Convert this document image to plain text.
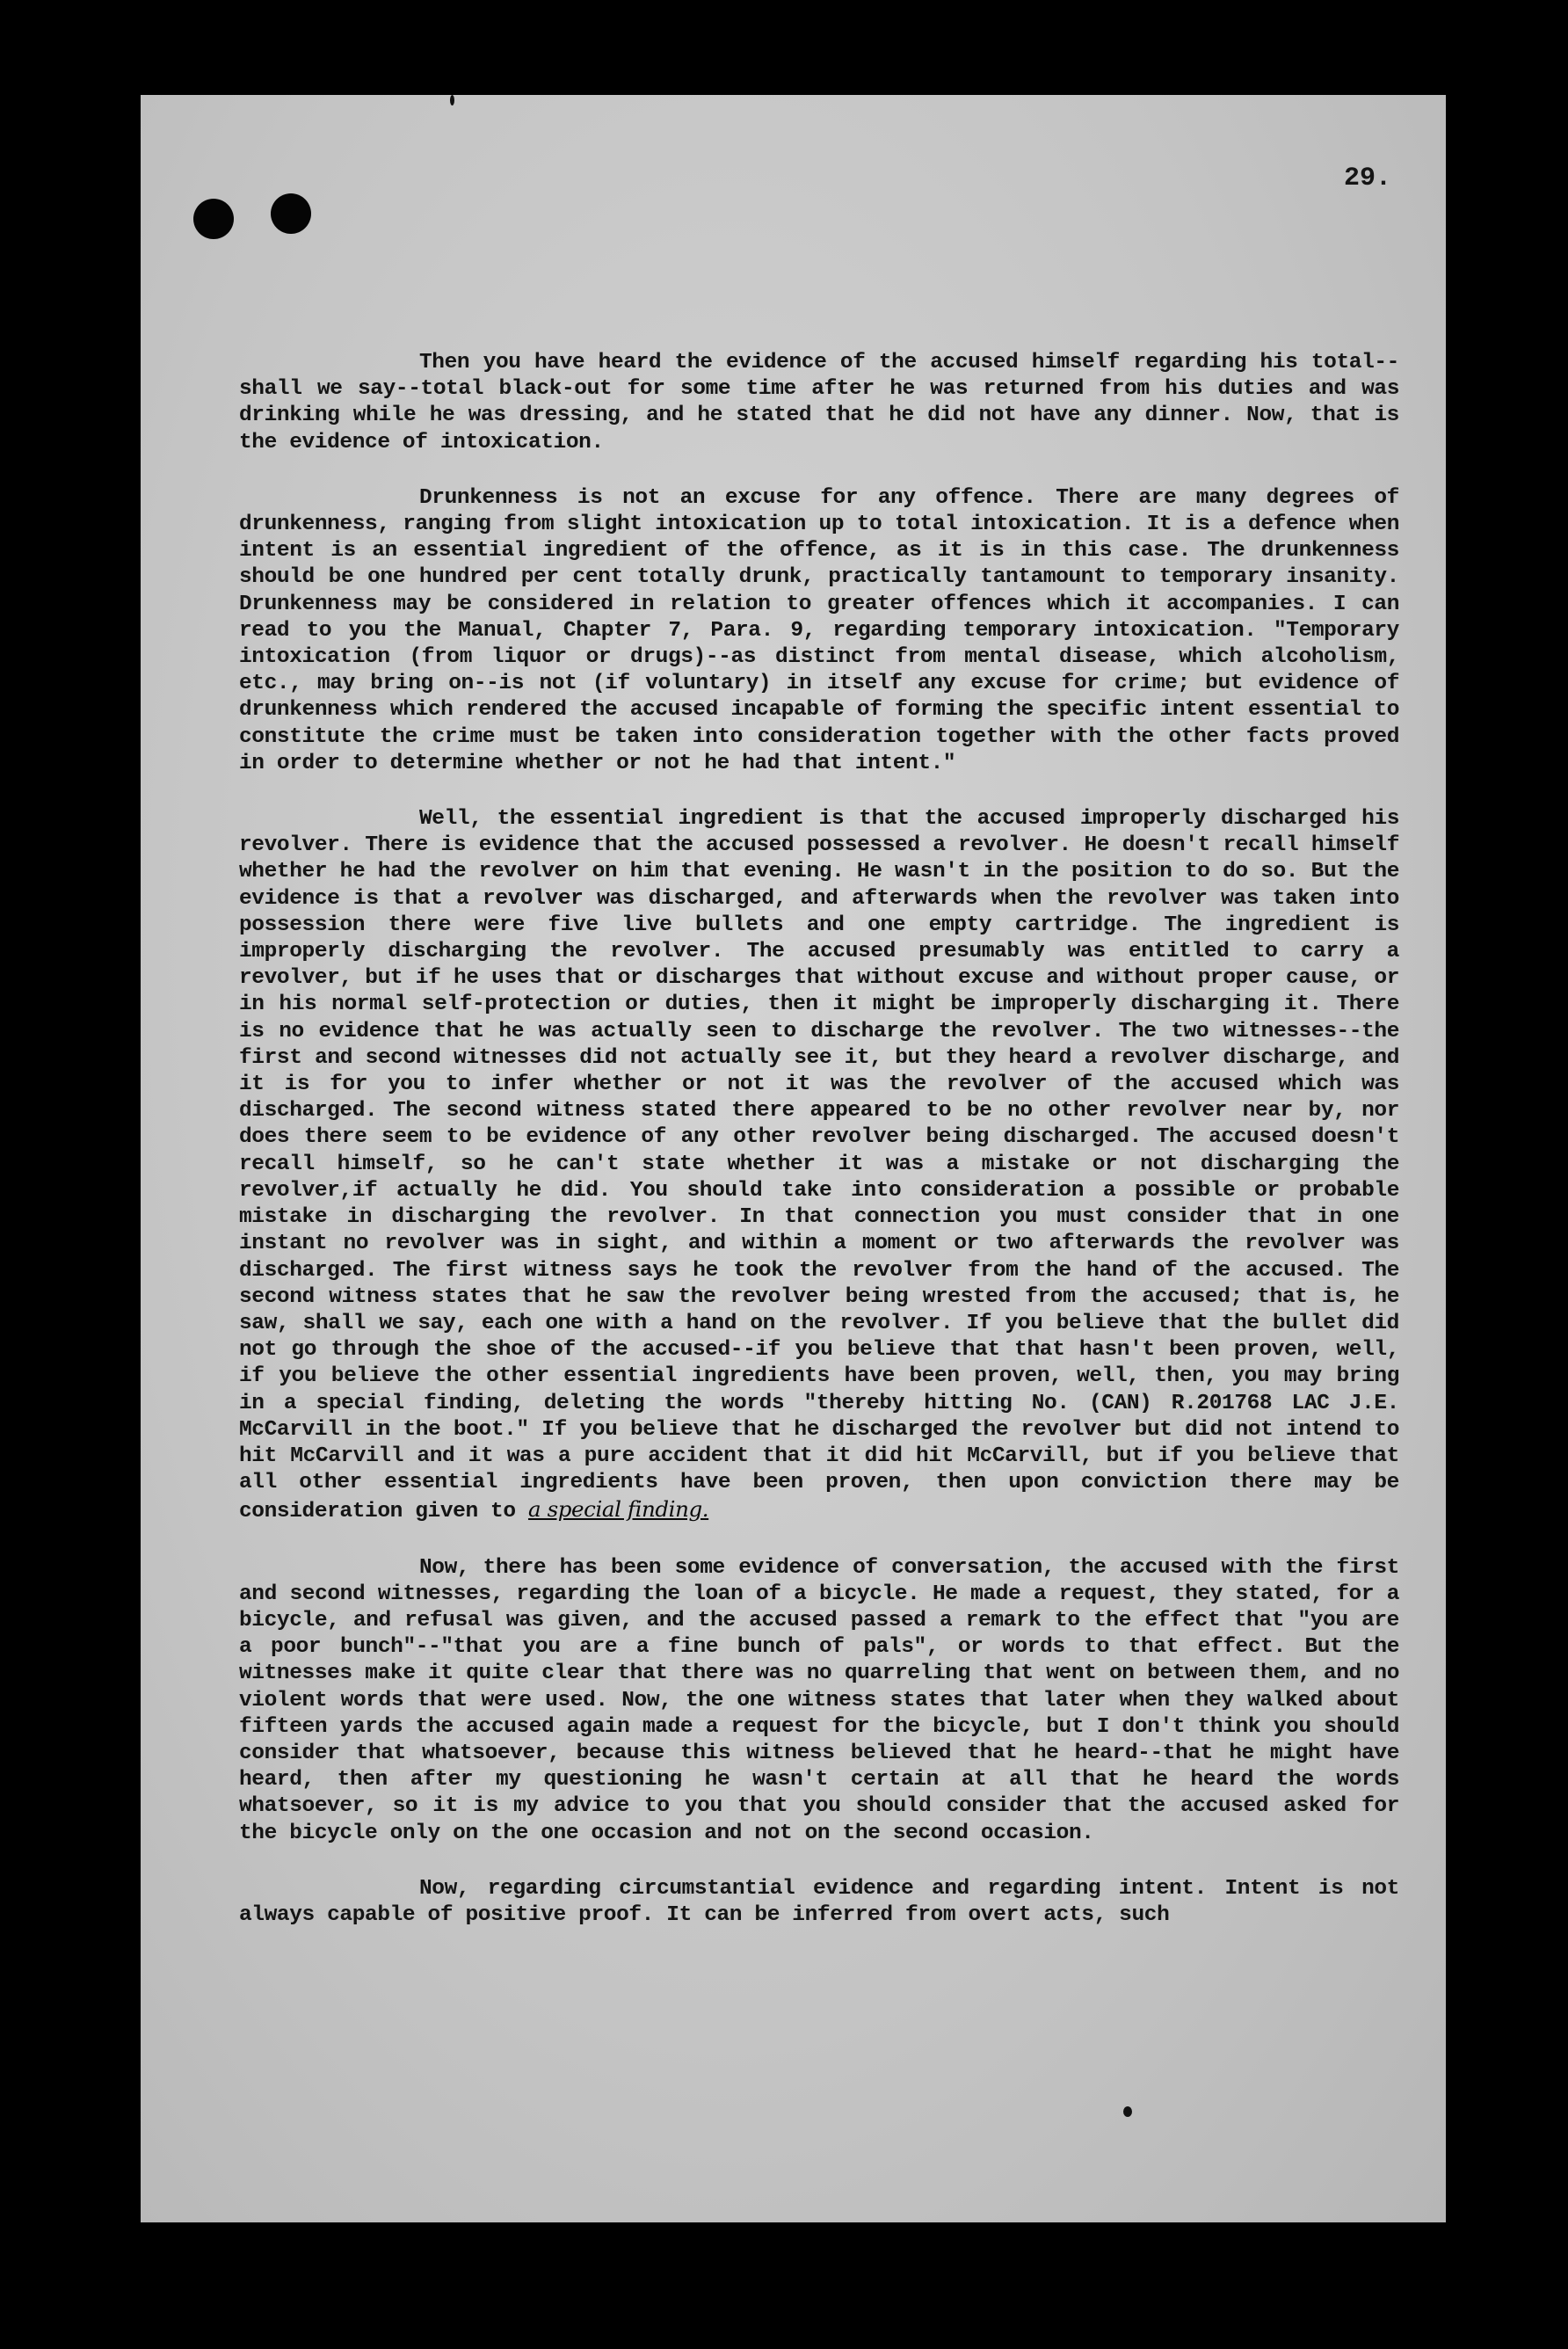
29.

Then you have heard the evidence of the accused himself regarding his total--shall we say--total black-out for some time after he was returned from his duties and was drinking while he was dressing, and he stated that he did not have any dinner. Now, that is the evidence of intoxication.

Drunkenness is not an excuse for any offence. There are many degrees of drunkenness, ranging from slight intoxication up to total intoxication. It is a defence when intent is an essential ingredient of the offence, as it is in this case. The drunkenness should be one hundred per cent totally drunk, practically tantamount to temporary insanity. Drunkenness may be considered in relation to greater offences which it accompanies. I can read to you the Manual, Chapter 7, Para. 9, regarding temporary intoxication. "Temporary intoxication (from liquor or drugs)--as distinct from mental disease, which alcoholism, etc., may bring on--is not (if voluntary) in itself any excuse for crime; but evidence of drunkenness which rendered the accused incapable of forming the specific intent essential to constitute the crime must be taken into consideration together with the other facts proved in order to determine whether or not he had that intent."

Well, the essential ingredient is that the accused improperly discharged his revolver. There is evidence that the accused possessed a revolver. He doesn't recall himself whether he had the revolver on him that evening. He wasn't in the position to do so. But the evidence is that a revolver was discharged, and afterwards when the revolver was taken into possession there were five live bullets and one empty cartridge. The ingredient is improperly discharging the revolver. The accused presumably was entitled to carry a revolver, but if he uses that or discharges that without excuse and without proper cause, or in his normal self-protection or duties, then it might be improperly discharging it. There is no evidence that he was actually seen to discharge the revolver. The two witnesses--the first and second witnesses did not actually see it, but they heard a revolver discharge, and it is for you to infer whether or not it was the revolver of the accused which was discharged. The second witness stated there appeared to be no other revolver near by, nor does there seem to be evidence of any other revolver being discharged. The accused doesn't recall himself, so he can't state whether it was a mistake or not discharging the revolver,if actually he did. You should take into consideration a possible or probable mistake in discharging the revolver. In that connection you must consider that in one instant no revolver was in sight, and within a moment or two afterwards the revolver was discharged. The first witness says he took the revolver from the hand of the accused. The second witness states that he saw the revolver being wrested from the accused; that is, he saw, shall we say, each one with a hand on the revolver. If you believe that the bullet did not go through the shoe of the accused--if you believe that that hasn't been proven, well, if you believe the other essential ingredients have been proven, well, then, you may bring in a special finding, deleting the words "thereby hitting No. (CAN) R.201768 LAC J.E. McCarvill in the boot." If you believe that he discharged the revolver but did not intend to hit McCarvill and it was a pure accident that it did hit McCarvill, but if you believe that all other essential ingredients have been proven, then upon conviction there may be consideration given to a special finding.

Now, there has been some evidence of conversation, the accused with the first and second witnesses, regarding the loan of a bicycle. He made a request, they stated, for a bicycle, and refusal was given, and the accused passed a remark to the effect that "you are a poor bunch"--"that you are a fine bunch of pals", or words to that effect. But the witnesses make it quite clear that there was no quarreling that went on between them, and no violent words that were used. Now, the one witness states that later when they walked about fifteen yards the accused again made a request for the bicycle, but I don't think you should consider that whatsoever, because this witness believed that he heard--that he might have heard, then after my questioning he wasn't certain at all that he heard the words whatsoever, so it is my advice to you that you should consider that the accused asked for the bicycle only on the one occasion and not on the second occasion.

Now, regarding circumstantial evidence and regarding intent. Intent is not always capable of positive proof. It can be inferred from overt acts, such
